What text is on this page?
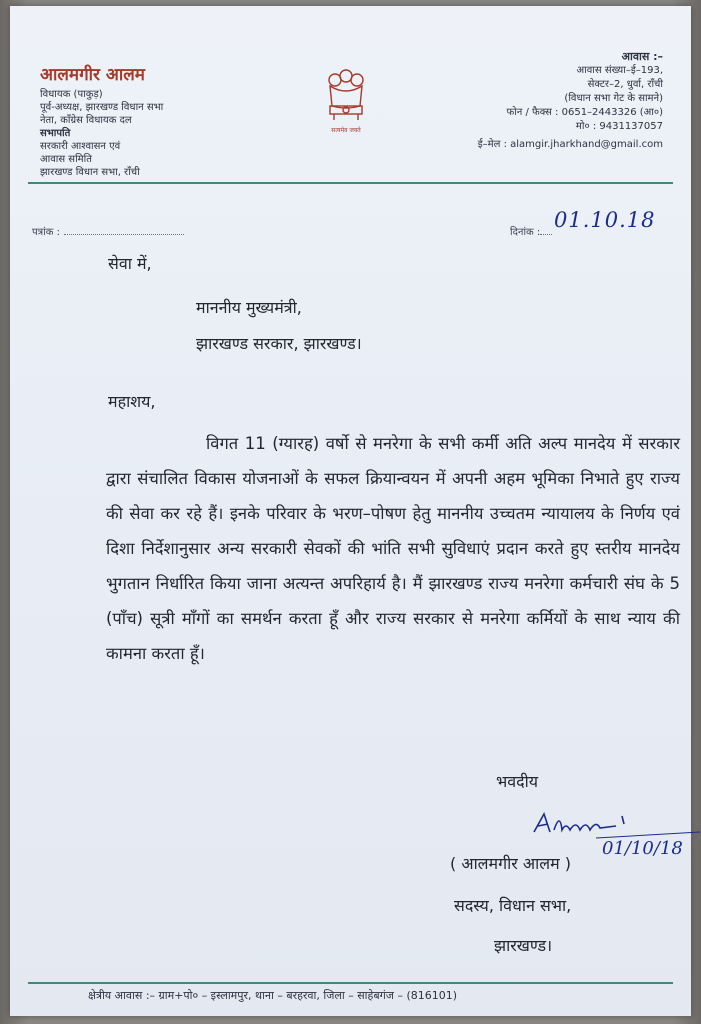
आलमगीर आलम
विधायक (पाकुड़)
पूर्व-अध्यक्ष, झारखण्ड विधान सभा
नेता, काँग्रेस विधायक दल
सभापति
सरकारी आश्वासन एवं
आवास समिति
झारखण्ड विधान सभा, राँची
सत्यमेव जयते
आवास :–
आवास संख्या–ई–193,
सेक्टर–2, धुर्वा, राँची
(विधान सभा गेट के सामने)
फोन / फैक्स : 0651–2443326 (आ०)
मो० : 9431137057
ई–मेल : alamgir.jharkhand@gmail.com
पत्रांक :	दिनांक :
01.10.18
सेवा में,
माननीय मुख्यमंत्री,
झारखण्ड सरकार, झारखण्ड।
महाशय,
विगत 11 (ग्यारह) वर्षो से मनरेगा के सभी कर्मी अति अल्प मानदेय में सरकार द्वारा संचालित विकास योजनाओं के सफल क्रियान्वयन में अपनी अहम भूमिका निभाते हुए राज्य की सेवा कर रहे हैं। इनके परिवार के भरण–पोषण हेतु माननीय उच्चतम न्यायालय के निर्णय एवं दिशा निर्देशानुसार अन्य सरकारी सेवकों की भांति सभी सुविधाएं प्रदान करते हुए स्तरीय मानदेय भुगतान निर्धारित किया जाना अत्यन्त अपरिहार्य है। मैं झारखण्ड राज्य मनरेगा कर्मचारी संघ के 5 (पाँच) सूत्री माँगों का समर्थन करता हूँ और राज्य सरकार से मनरेगा कर्मियों के साथ न्याय की कामना करता हूँ।
भवदीय
01/10/18
( आलमगीर आलम )
सदस्य, विधान सभा,
झारखण्ड।
क्षेत्रीय आवास :– ग्राम+पो० – इस्लामपुर, थाना – बरहरवा, जिला – साहेबगंज – (816101)
